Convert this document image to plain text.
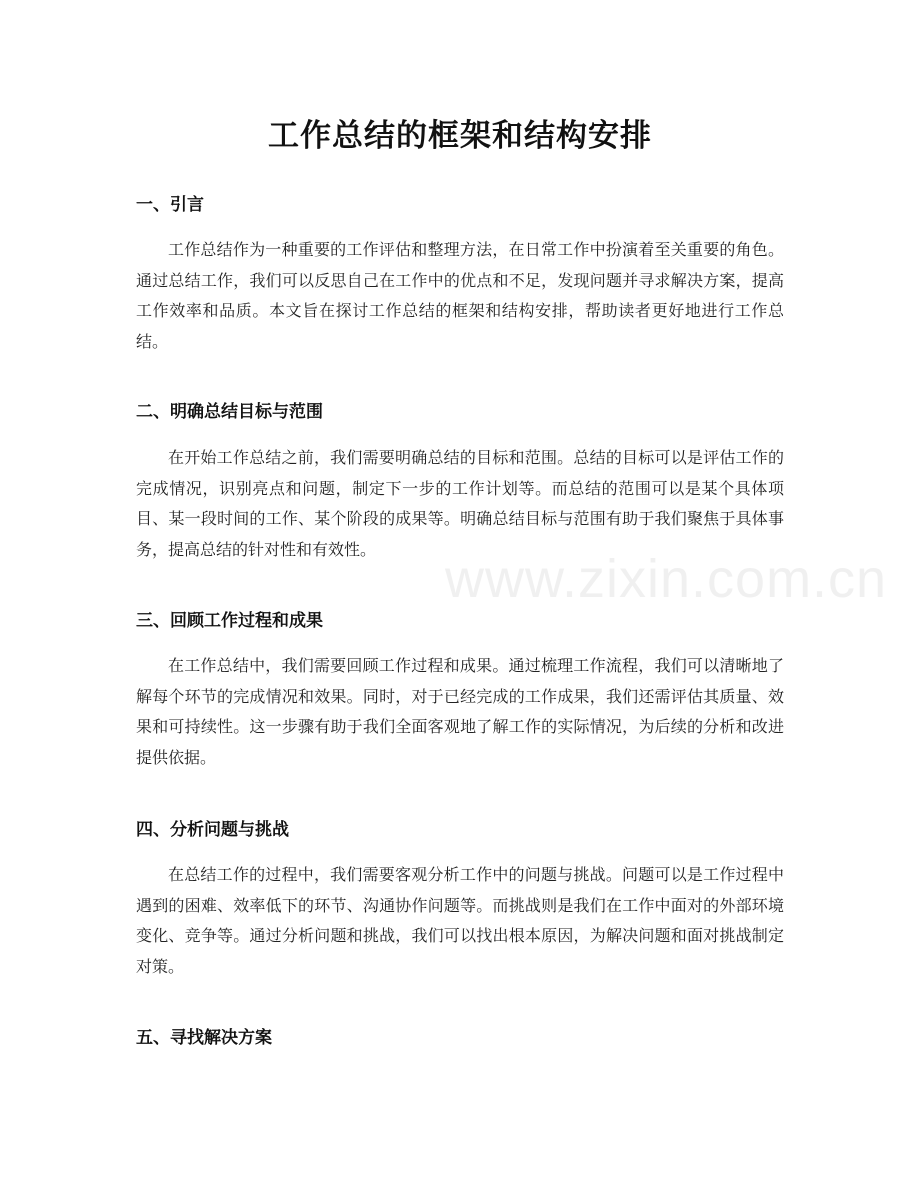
工作总结的框架和结构安排
一、引言

工作总结作为一种重要的工作评估和整理方法，在日常工作中扮演着至关重要的角色。通过总结工作，我们可以反思自己在工作中的优点和不足，发现问题并寻求解决方案，提高工作效率和品质。本文旨在探讨工作总结的框架和结构安排，帮助读者更好地进行工作总结。

二、明确总结目标与范围

在开始工作总结之前，我们需要明确总结的目标和范围。总结的目标可以是评估工作的完成情况，识别亮点和问题，制定下一步的工作计划等。而总结的范围可以是某个具体项目、某一段时间的工作、某个阶段的成果等。明确总结目标与范围有助于我们聚焦于具体事务，提高总结的针对性和有效性。

三、回顾工作过程和成果

在工作总结中，我们需要回顾工作过程和成果。通过梳理工作流程，我们可以清晰地了解每个环节的完成情况和效果。同时，对于已经完成的工作成果，我们还需评估其质量、效果和可持续性。这一步骤有助于我们全面客观地了解工作的实际情况，为后续的分析和改进提供依据。

四、分析问题与挑战

在总结工作的过程中，我们需要客观分析工作中的问题与挑战。问题可以是工作过程中遇到的困难、效率低下的环节、沟通协作问题等。而挑战则是我们在工作中面对的外部环境变化、竞争等。通过分析问题和挑战，我们可以找出根本原因，为解决问题和面对挑战制定对策。

五、寻找解决方案

www.zixin.com.cn
